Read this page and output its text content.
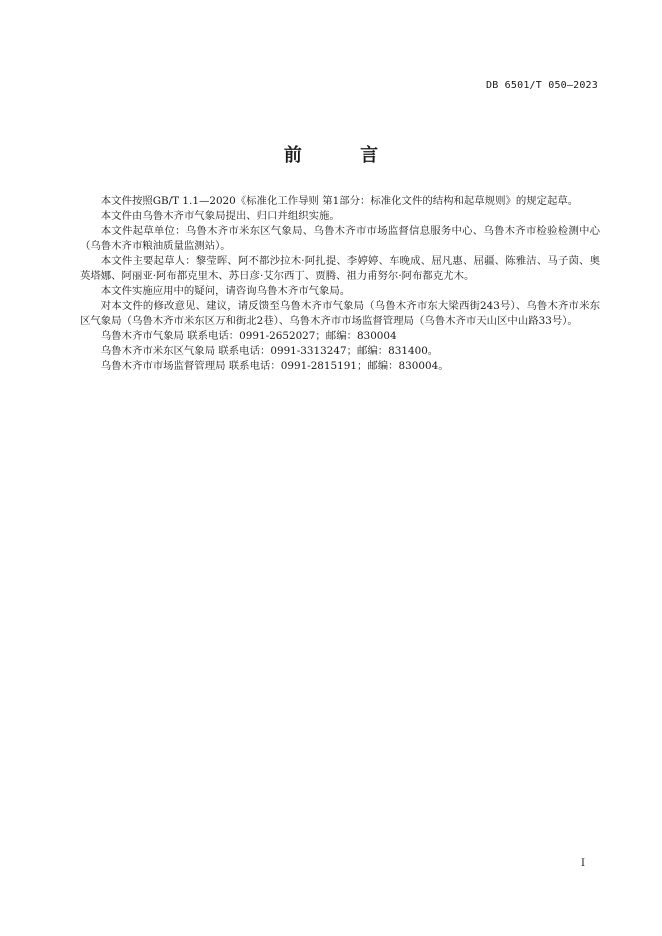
DB 6501/T 050—2023
前 言

本文件按照GB/T 1.1—2020《标准化工作导则 第1部分：标准化文件的结构和起草规则》的规定起草。

本文件由乌鲁木齐市气象局提出、归口并组织实施。

本文件起草单位：乌鲁木齐市米东区气象局、乌鲁木齐市市场监督信息服务中心、乌鲁木齐市检验检测中心（乌鲁木齐市粮油质量监测站）。

本文件主要起草人：黎莹晖、阿不都沙拉木·阿扎提、李婷婷、车晚成、屈凡惠、屈疆、陈雅洁、马子茵、奥英塔娜、阿丽亚·阿布都克里木、苏日彦·艾尔西丁、贾腾、祖力甫努尔·阿布都克尤木。

本文件实施应用中的疑问，请咨询乌鲁木齐市气象局。

对本文件的修改意见、建议，请反馈至乌鲁木齐市气象局（乌鲁木齐市东大梁西街243号）、乌鲁木齐市米东区气象局（乌鲁木齐市米东区万和街北2巷）、乌鲁木齐市市场监督管理局（乌鲁木齐市天山区中山路33号）。

乌鲁木齐市气象局 联系电话：0991-2652027；邮编：830004

乌鲁木齐市米东区气象局 联系电话：0991-3313247；邮编：831400。

乌鲁木齐市市场监督管理局 联系电话：0991-2815191；邮编：830004。

I
